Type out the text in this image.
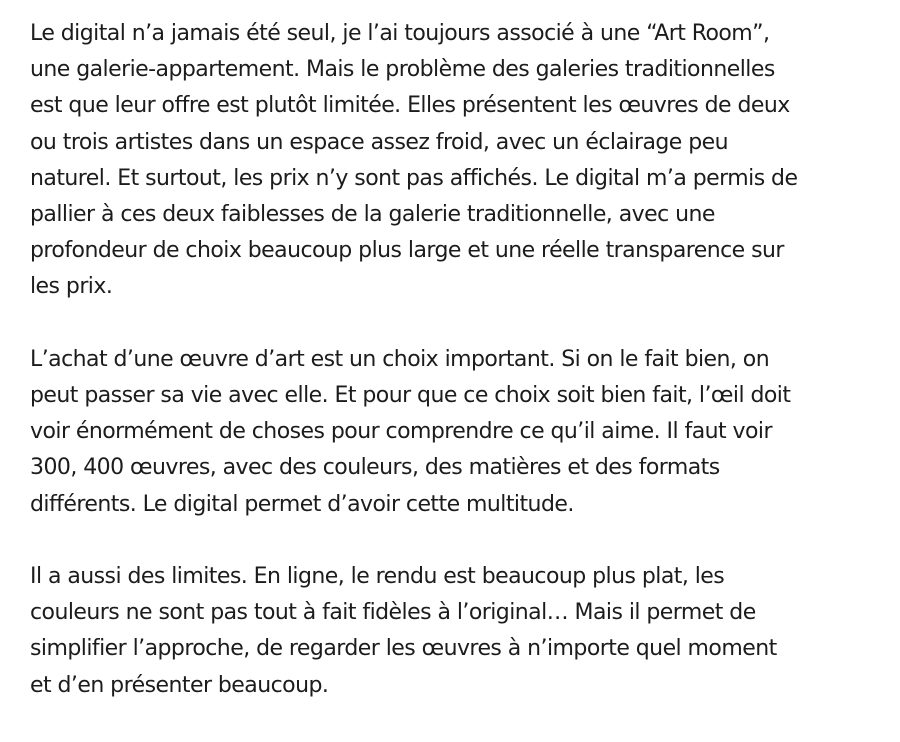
Le digital n’a jamais été seul, je l’ai toujours associé à une “Art Room”,
une galerie-appartement. Mais le problème des galeries traditionnelles
est que leur offre est plutôt limitée. Elles présentent les œuvres de deux
ou trois artistes dans un espace assez froid, avec un éclairage peu
naturel. Et surtout, les prix n’y sont pas affichés. Le digital m’a permis de
pallier à ces deux faiblesses de la galerie traditionnelle, avec une
profondeur de choix beaucoup plus large et une réelle transparence sur
les prix.

L’achat d’une œuvre d’art est un choix important. Si on le fait bien, on
peut passer sa vie avec elle. Et pour que ce choix soit bien fait, l’œil doit
voir énormément de choses pour comprendre ce qu’il aime. Il faut voir
300, 400 œuvres, avec des couleurs, des matières et des formats
différents. Le digital permet d’avoir cette multitude.

Il a aussi des limites. En ligne, le rendu est beaucoup plus plat, les
couleurs ne sont pas tout à fait fidèles à l’original… Mais il permet de
simplifier l’approche, de regarder les œuvres à n’importe quel moment
et d’en présenter beaucoup.
